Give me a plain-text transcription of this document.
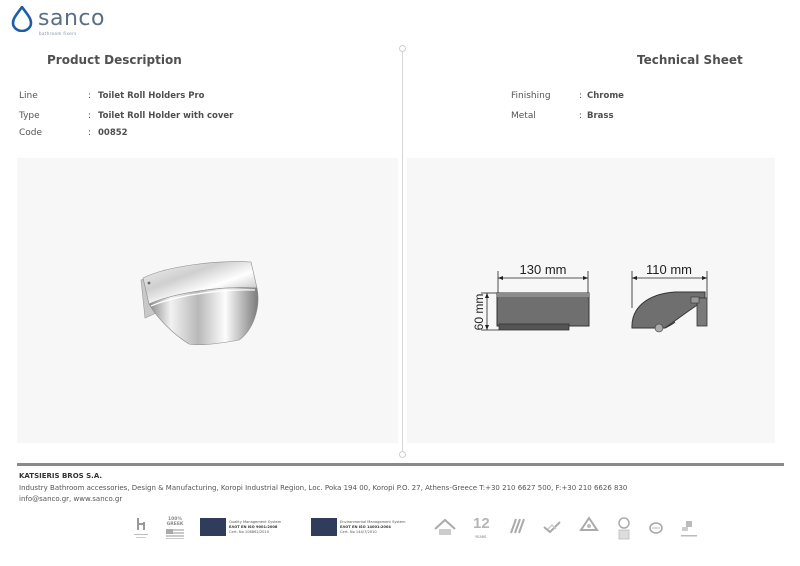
sanco
bathroom fixers
Product Description	Technical Sheet
Line	: Toilet Roll Holders Pro
Type	: Toilet Roll Holder with cover
Code	: 00852
Finishing	: Chrome
Metal	: Brass
130 mm
60 mm
110 mm
KATSIERIS BROS S.A.
Industry Bathroom accessories, Design & Manufacturing, Koropi Industrial Region, Loc. Poka 194 00, Koropi P.O. 27, Athens-Greece T:+30 210 6627 500, F:+30 210 6626 830
info@sanco.gr, www.sanco.gr
100% GREEK	Quality Management System
ΕΛΟΤ EN ISO 9001:2008
Cert. No 108862/2010
Environmental Management System
ΕΛΟΤ EN ISO 14001:2004
Cert. No 144/7/2010	12
YEARS
